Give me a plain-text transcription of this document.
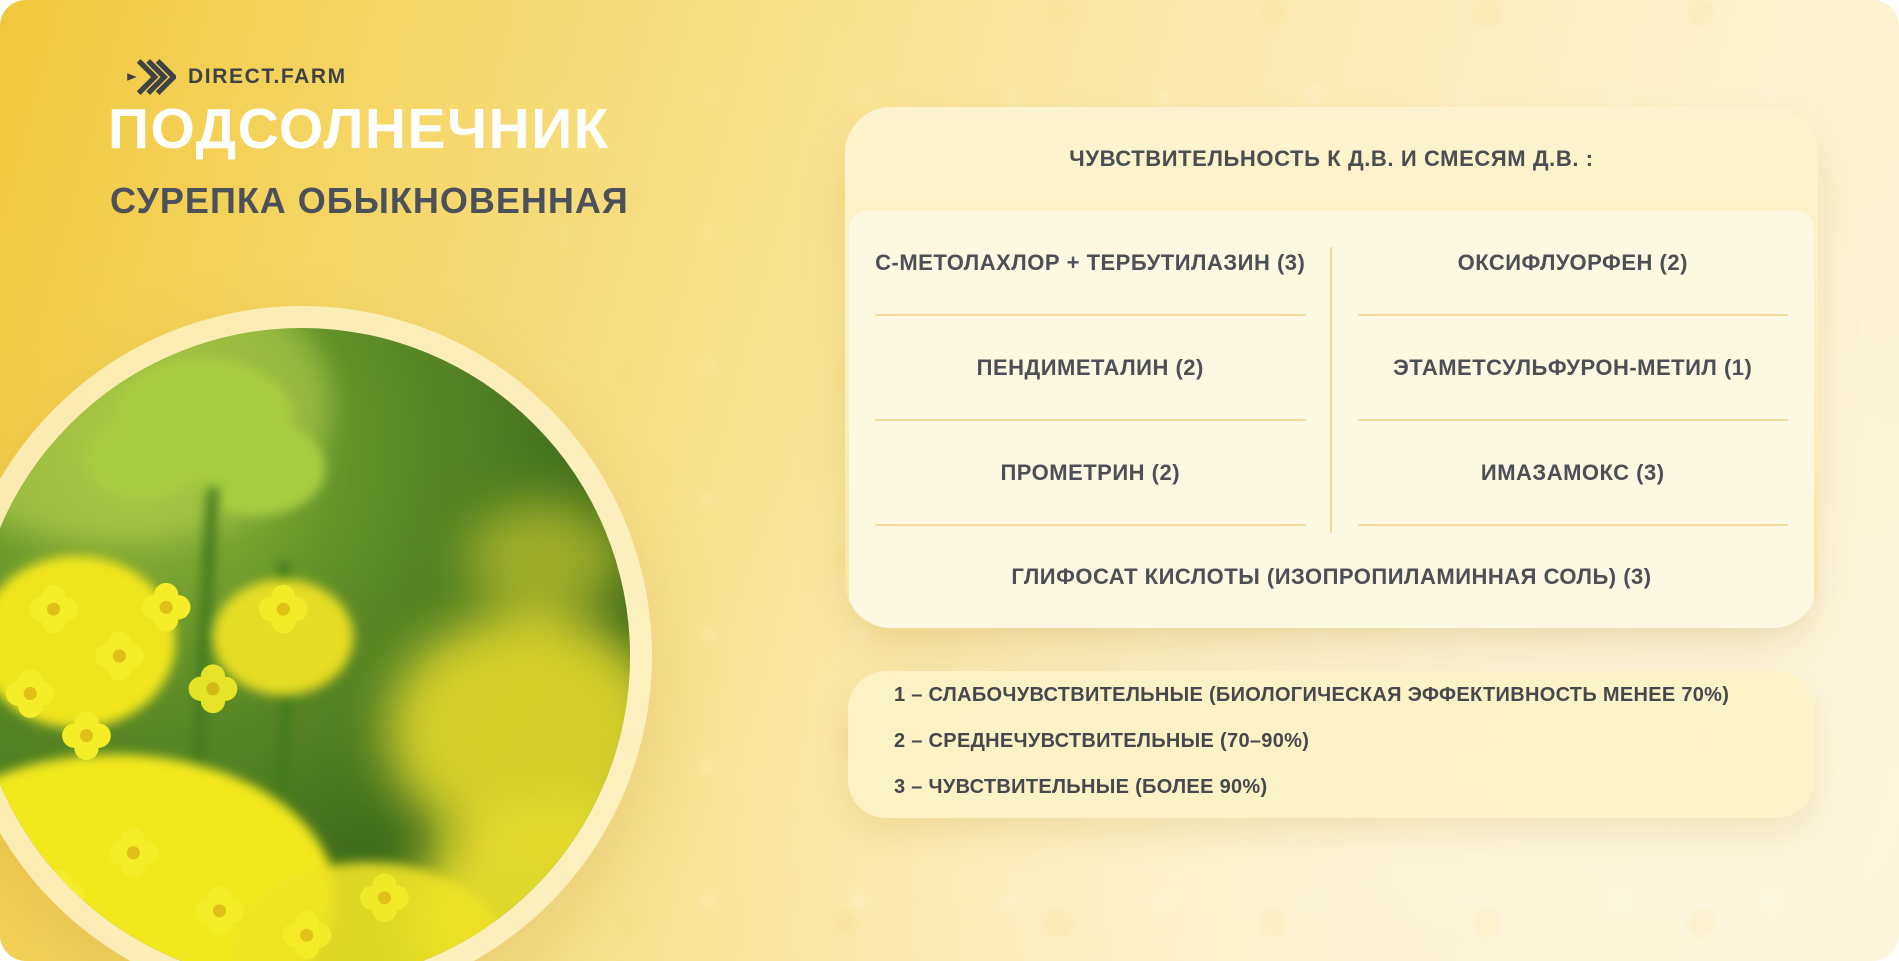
DIRECT.FARM
ПОДСОЛНЕЧНИК
СУРЕПКА ОБЫКНОВЕННАЯ
ЧУВСТВИТЕЛЬНОСТЬ К Д.В. И СМЕСЯМ Д.В. :
С-МЕТОЛАХЛОР + ТЕРБУТИЛАЗИН (3)	ОКСИФЛУОРФЕН (2)
ПЕНДИМЕТАЛИН (2)	ЭТАМЕТСУЛЬФУРОН-МЕТИЛ (1)
ПРОМЕТРИН (2)	ИМАЗАМОКС (3)
ГЛИФОСАТ КИСЛОТЫ (ИЗОПРОПИЛАМИННАЯ СОЛЬ) (3)

1 – СЛАБОЧУВСТВИТЕЛЬНЫЕ (БИОЛОГИЧЕСКАЯ ЭФФЕКТИВНОСТЬ МЕНЕЕ 70%)

2 – СРЕДНЕЧУВСТВИТЕЛЬНЫЕ (70–90%)

3 – ЧУВСТВИТЕЛЬНЫЕ (БОЛЕЕ 90%)
